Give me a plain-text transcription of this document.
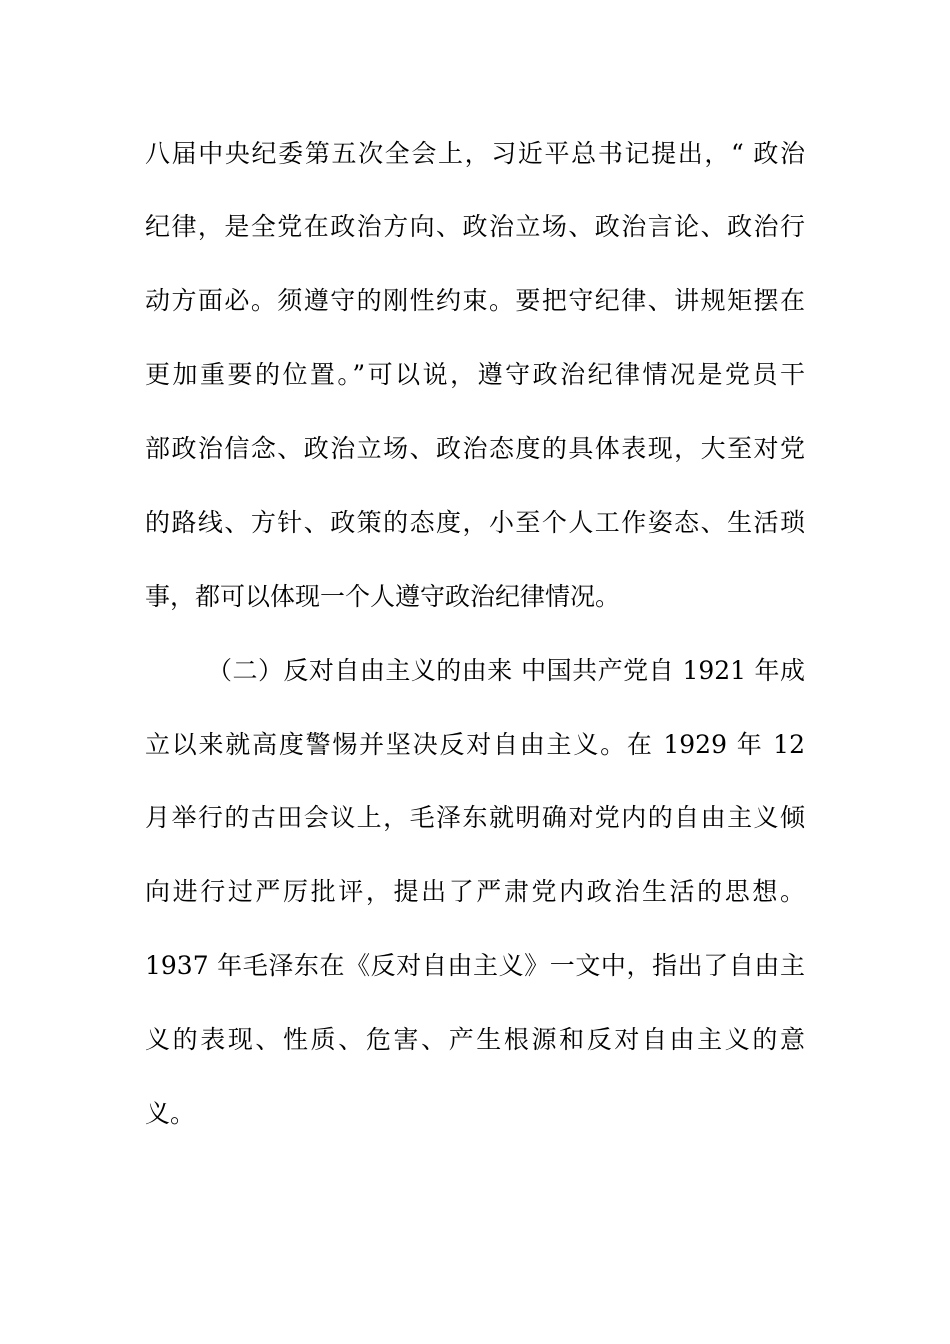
八届中央纪委第五次全会上，习近平总书记提出，“ 政治
纪律，是全党在政治方向、政治立场、政治言论、政治行
动方面必。须遵守的刚性约束。要把守纪律、讲规矩摆在
更加重要的位置。”可以说，遵守政治纪律情况是党员干
部政治信念、政治立场、政治态度的具体表现，大至对党
的路线、方针、政策的态度，小至个人工作姿态、生活琐
事，都可以体现一个人遵守政治纪律情况。
（二）反对自由主义的由来 中国共产党自 1921 年成
立以来就高度警惕并坚决反对自由主义。在 1929 年 12
月举行的古田会议上，毛泽东就明确对党内的自由主义倾
向进行过严厉批评，提出了严肃党内政治生活的思想。
1937 年毛泽东在《反对自由主义》一文中，指出了自由主
义的表现、性质、危害、产生根源和反对自由主义的意
义。
